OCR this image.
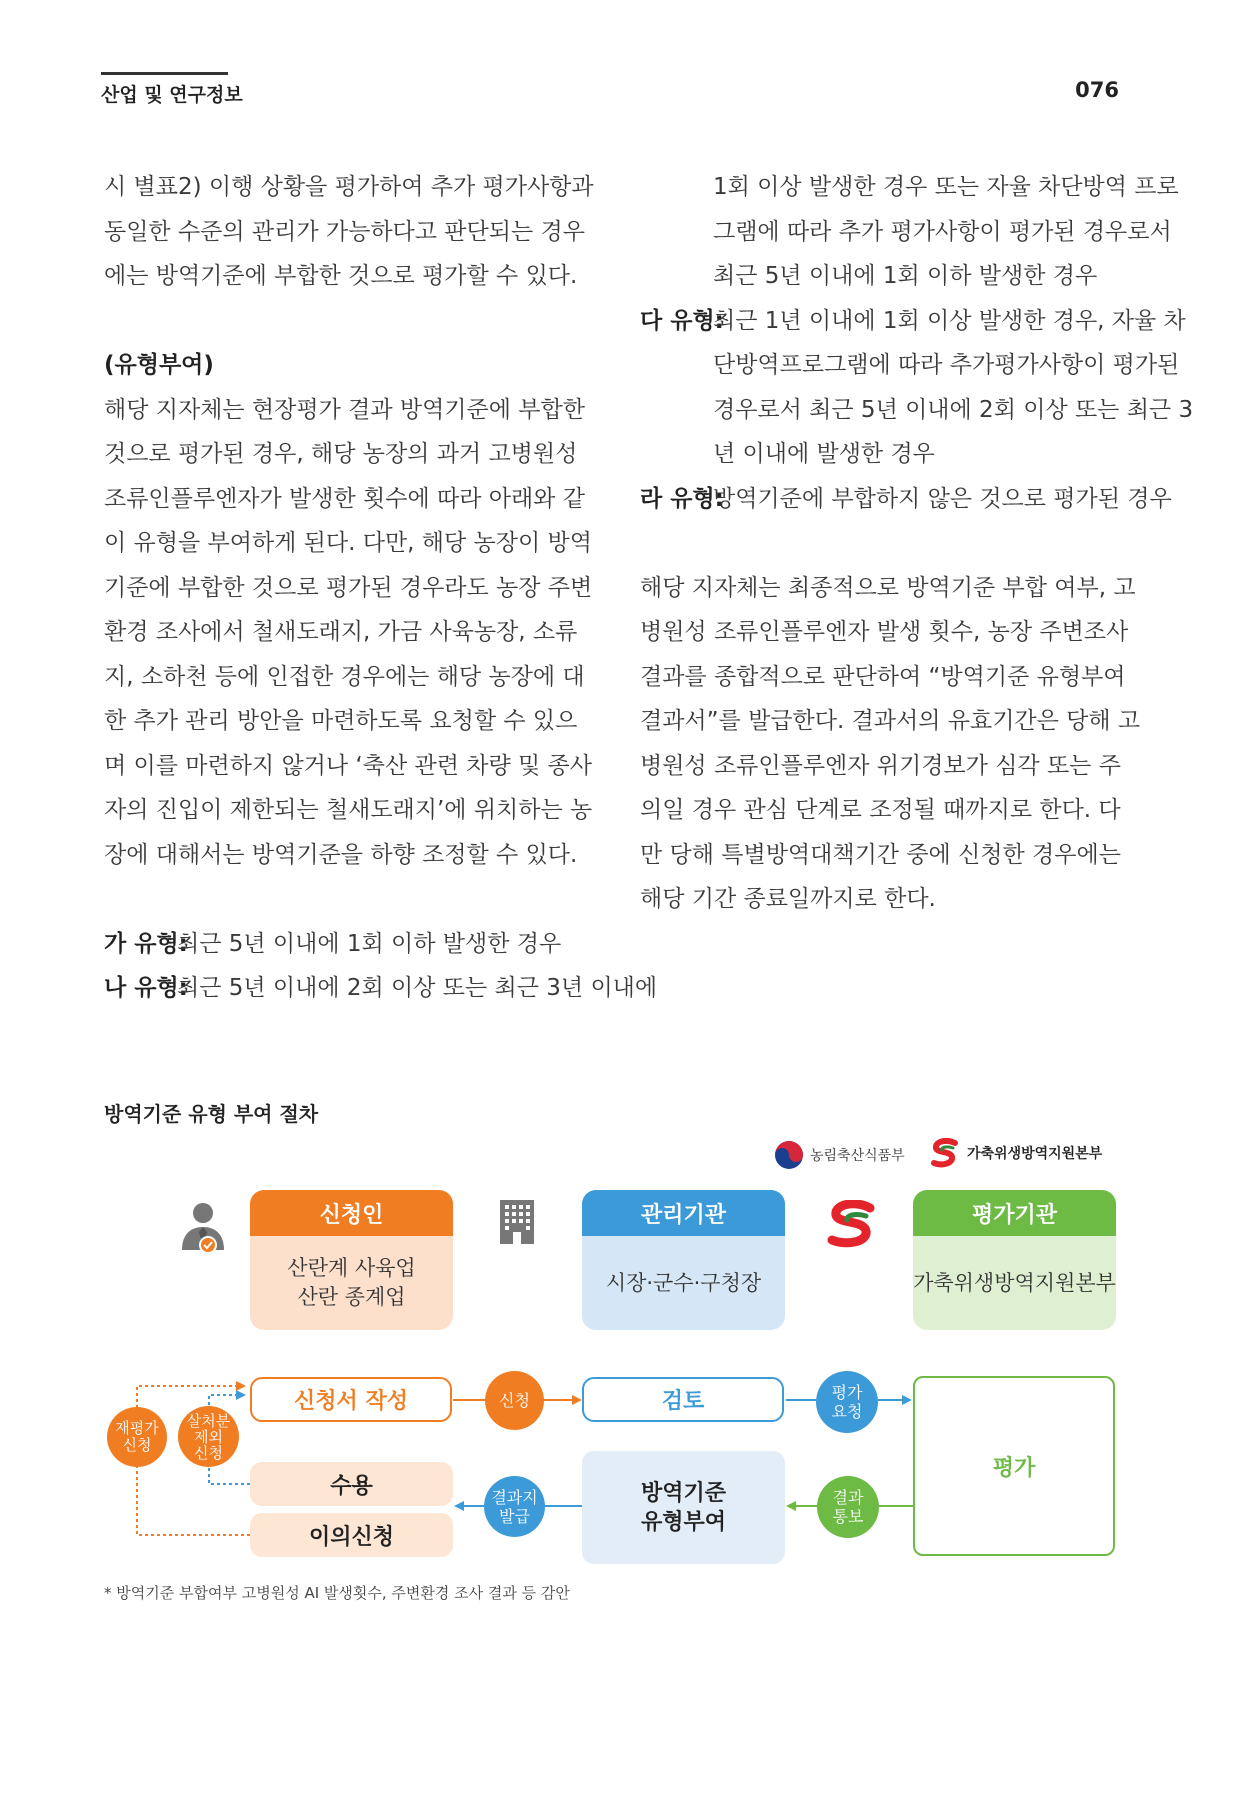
산업 및 연구정보	076

시 별표2) 이행 상황을 평가하여 추가 평가사항과

동일한 수준의 관리가 가능하다고 판단되는 경우

에는 방역기준에 부합한 것으로 평가할 수 있다.

(유형부여)

해당 지자체는 현장평가 결과 방역기준에 부합한

것으로 평가된 경우, 해당 농장의 과거 고병원성

조류인플루엔자가 발생한 횟수에 따라 아래와 같

이 유형을 부여하게 된다. 다만, 해당 농장이 방역

기준에 부합한 것으로 평가된 경우라도 농장 주변

환경 조사에서 철새도래지, 가금 사육농장, 소류

지, 소하천 등에 인접한 경우에는 해당 농장에 대

한 추가 관리 방안을 마련하도록 요청할 수 있으

며 이를 마련하지 않거나 ‘축산 관련 차량 및 종사

자의 진입이 제한되는 철새도래지’에 위치하는 농

장에 대해서는 방역기준을 하향 조정할 수 있다.

가 유형:
최근 5년 이내에 1회 이하 발생한 경우
나 유형:
최근 5년 이내에 2회 이상 또는 최근 3년 이내에

1회 이상 발생한 경우 또는 자율 차단방역 프로

그램에 따라 추가 평가사항이 평가된 경우로서

최근 5년 이내에 1회 이하 발생한 경우

다 유형:

최근 1년 이내에 1회 이상 발생한 경우, 자율 차

단방역프로그램에 따라 추가평가사항이 평가된

경우로서 최근 5년 이내에 2회 이상 또는 최근 3

년 이내에 발생한 경우

라 유형:
방역기준에 부합하지 않은 것으로 평가된 경우

해당 지자체는 최종적으로 방역기준 부합 여부, 고

병원성 조류인플루엔자 발생 횟수, 농장 주변조사

결과를 종합적으로 판단하여 “방역기준 유형부여

결과서”를 발급한다. 결과서의 유효기간은 당해 고

병원성 조류인플루엔자 위기경보가 심각 또는 주

의일 경우 관심 단계로 조정될 때까지로 한다. 다

만 당해 특별방역대책기간 중에 신청한 경우에는

해당 기간 종료일까지로 한다.

방역기준 유형 부여 절차
농림축산식품부	가축위생방역지원본부
신청인
산란계 사육업
산란 종계업
관리기관
시장·군수·구청장
평가기관
가축위생방역지원본부
신청서 작성	신청	검토	평가
요청
평가
재평가
신청
살처분
제외
신청
수용
이의신청
결과지
발급
방역기준
유형부여
결과
통보
* 방역기준 부합여부 고병원성 AI 발생횟수, 주변환경 조사 결과 등 감안
